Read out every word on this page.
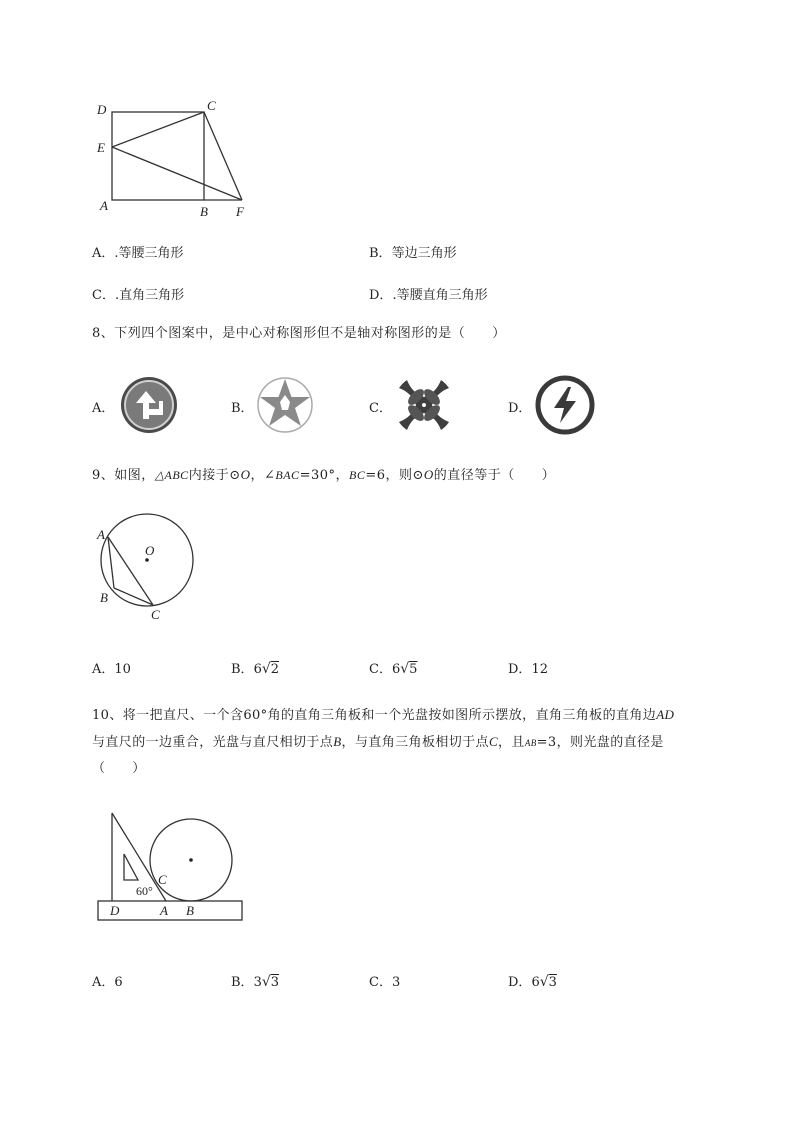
D	C
E
A	B F
A．.等腰三角形	B．等边三角形
C．.直角三角形	D．.等腰直角三角形
8、下列四个图案中，是中心对称图形但不是轴对称图形的是（　　）
A．	B．	C．	D．
9、如图，△ABC内接于⊙O，∠BAC=30°，BC=6，则⊙O的直径等于（　　）
A
O
B
C
A．10	B．6√2	C．6√5	D．12
10、将一把直尺、一个含60°角的直角三角板和一个光盘按如图所示摆放，直角三角板的直角边AD
与直尺的一边重合，光盘与直尺相切于点B，与直角三角板相切于点C，且AB=3，则光盘的直径是
（　　）
60°
C
D	A B
A．6	B．3√3	C．3	D．6√3
